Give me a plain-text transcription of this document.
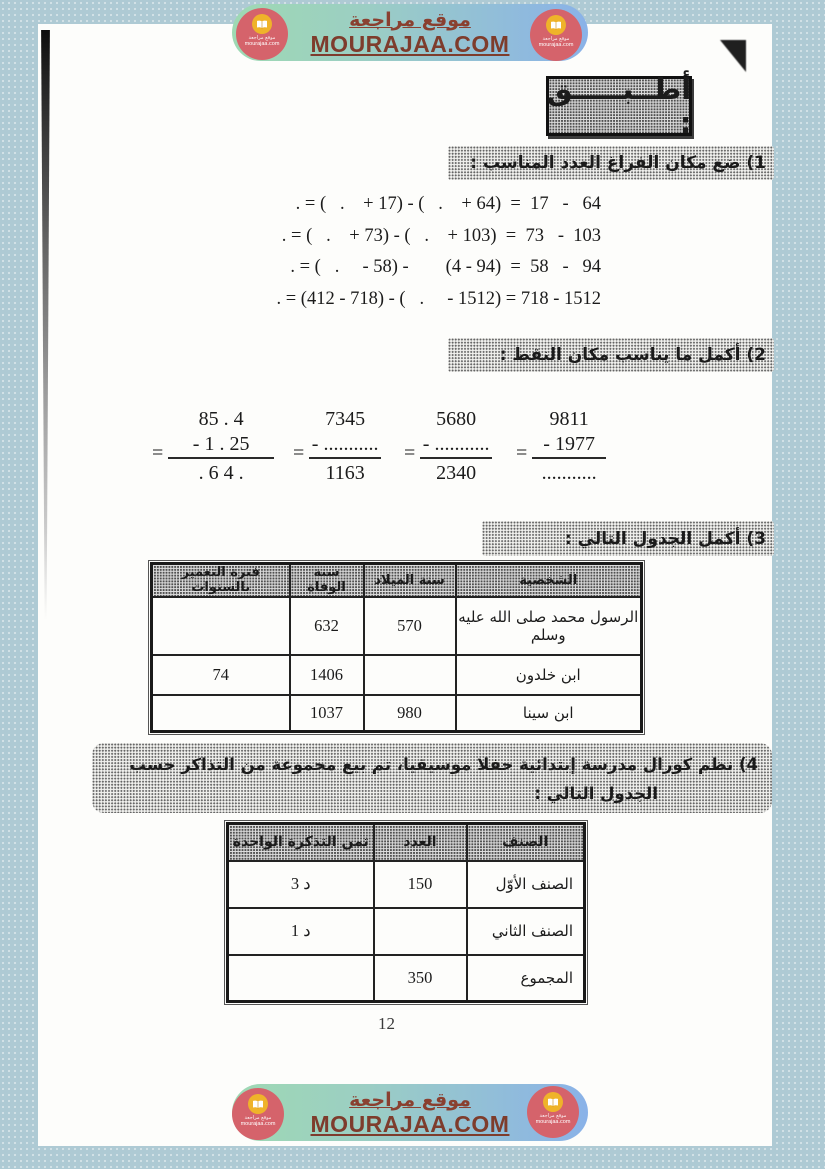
موقع مراجعة
MOURAJAA.COM
موقع مراجعة
mourajaa.com
موقع مراجعة
mourajaa.com
أطــبـــــق :
1) ضع مكان الفراغ العدد المناسب :
. = (   .    + 17) - (   .    + 64)  =  17   -   64
. = (   .    + 73) - (   .    + 103)  =  73   -  103
. = (   .     - 58) -        (4 - 94)  =  58   -   94
. = (412 - 718) - (   .     - 1512) = 718 - 1512
2) أكمل ما يناسب مكان النقط :
=
85 . 4
- 1 . 25
. 6 4 .
=
7345
- ...........
1163
=
5680
- ...........
2340
=
9811
- 1977
...........
3) أكمل الجدول التالي :
الشخصية	سنة الميلاد	سنة الوفاة	فترة التعمير بالسنوات
الرسول محمد صلى الله عليه وسلم	570	632	
ابن خلدون		1406	74
ابن سينا	980	1037	
4) نظم كورال مدرسة إبتدائية حفلا موسيقيا، تم بيع مجموعة من التذاكر حسب
الجدول التالي :
الصنف	العدد	ثمن التذكرة الواحدة
الصنف الأوّل	150	3 د
الصنف الثاني		1 د
المجموع	350	
12
موقع مراجعة
MOURAJAA.COM
موقع مراجعة
mourajaa.com
موقع مراجعة
mourajaa.com
